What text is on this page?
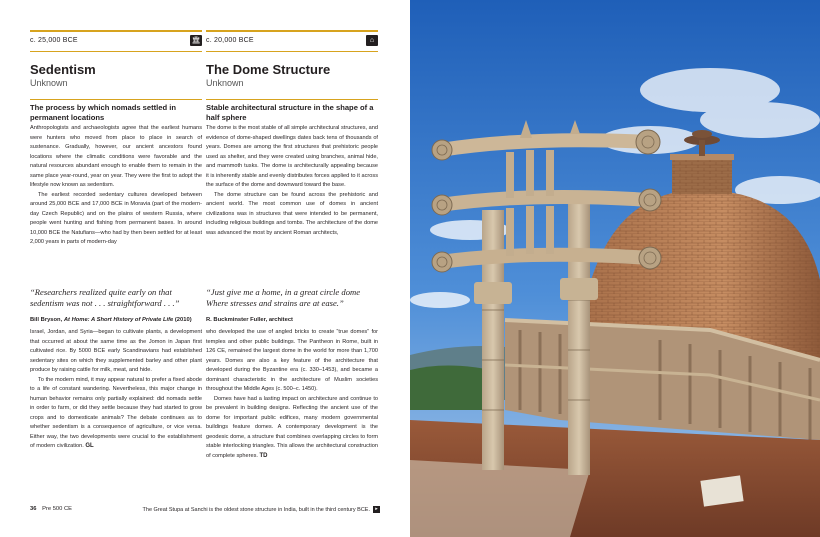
c. 25,000 BCE	🏛
Sedentism
Unknown
The process by which nomads settled in permanent locations
c. 20,000 BCE	⌂
The Dome Structure
Unknown
Stable architectural structure in the shape of a half sphere

Anthropologists and archaeologists agree that the earliest humans were hunters who moved from place to place in search of sustenance. Gradually, however, our ancient ancestors found locations where the climatic conditions were favorable and the natural resources abundant enough to enable them to remain in the same place year-round, year on year. They were the first to adopt the lifestyle now known as sedentism.

The earliest recorded sedentary cultures developed between around 25,000 BCE and 17,000 BCE in Moravia (part of the modern-day Czech Republic) and on the plains of western Russia, where people went hunting and fishing from permanent bases. In around 10,000 BCE the Natufians—who had by then been settled for at least 2,000 years in parts of modern-day

The dome is the most stable of all simple architectural structures, and evidence of dome-shaped dwellings dates back tens of thousands of years. Domes are among the first structures that prehistoric people used as shelter, and they were created using branches, animal hide, and mammoth tusks. The dome is architecturally appealing because it is inherently stable and evenly distributes forces applied to it across the surface of the dome and downward toward the base.

The dome structure can be found across the prehistoric and ancient world. The most common use of domes in ancient civilizations was in structures that were intended to be permanent, including religious buildings and tombs. The architecture of the dome was advanced the most by ancient Roman architects,

“Researchers realized quite early on that sedentism was not . . . straightforward . . .”
Bill Bryson, At Home: A Short History of Private Life (2010)
“Just give me a home, in a great circle dome Where stresses and strains are at ease.”
R. Buckminster Fuller, architect

Israel, Jordan, and Syria—began to cultivate plants, a development that occurred at about the same time as the Jomon in Japan first cultivated rice. By 5000 BCE early Scandinavians had established sedentary sites on which they supplemented barley and other plant produce by raising cattle for milk, meat, and hide.

To the modern mind, it may appear natural to prefer a fixed abode to a life of constant wandering. Nevertheless, this major change in human behavior remains only partially explained: did nomads settle in order to farm, or did they settle because they had started to grow crops and to domesticate animals? The debate continues as to whether sedentism is a consequence of agriculture, or vice versa. Either way, the two developments were crucial to the establishment of modern civilization. GL

who developed the use of angled bricks to create “true domes” for temples and other public buildings. The Pantheon in Rome, built in 126 CE, remained the largest dome in the world for more than 1,700 years. Domes are also a key feature of the architecture that developed during the Byzantine era (c. 330–1453), and became a dominant characteristic in the architecture of Muslim societies throughout the Middle Ages (c. 500–c. 1450).

Domes have had a lasting impact on architecture and continue to be prevalent in building designs. Reflecting the ancient use of the dome for important public edifices, many modern governmental buildings feature domes. A contemporary development is the geodesic dome, a structure that combines overlapping circles to form stable interlocking triangles. This allows the architectural construction of complete spheres. TD

36 Pre 500 CE	The Great Stupa at Sanchi is the oldest stone structure in India, built in the third century BCE. ▸
